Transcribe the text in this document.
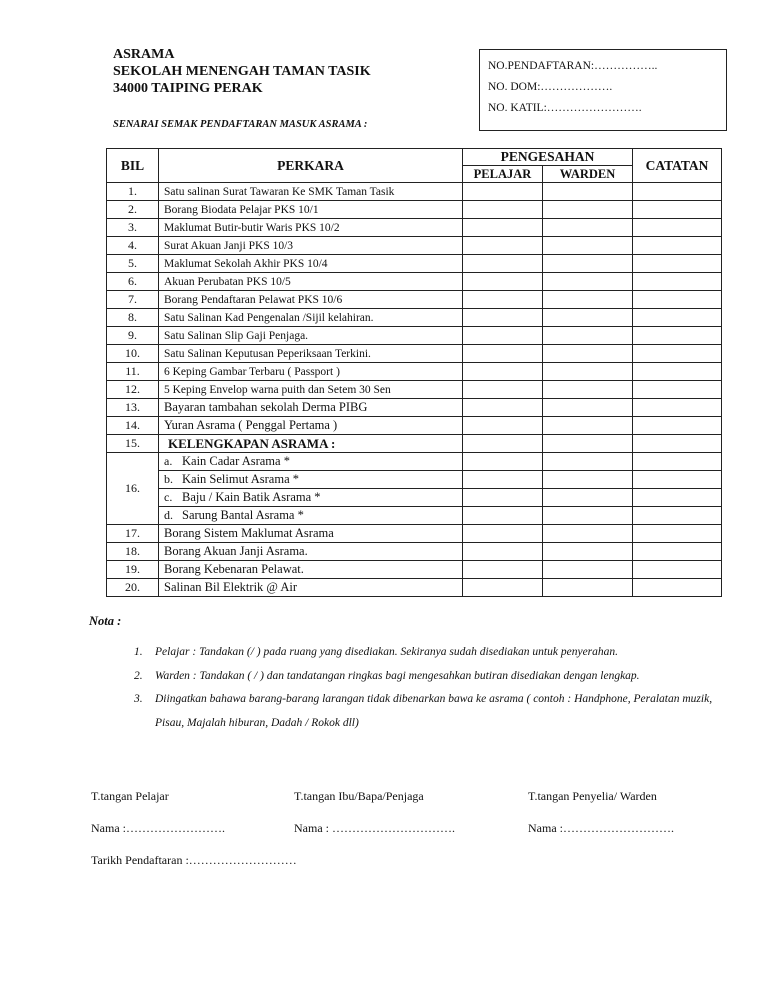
ASRAMA
SEKOLAH MENENGAH TAMAN TASIK
34000 TAIPING PERAK
SENARAI SEMAK PENDAFTARAN MASUK ASRAMA :
NO.PENDAFTARAN:……………..
NO. DOM:……………….
NO. KATIL:…………………….
BIL	PERKARA	PENGESAHAN		CATATAN
		PELAJAR	WARDEN	
1.	Satu salinan Surat Tawaran Ke SMK Taman Tasik			
2.	Borang Biodata Pelajar PKS 10/1			
3.	Maklumat Butir-butir Waris PKS 10/2			
4.	Surat Akuan Janji PKS 10/3			
5.	Maklumat Sekolah Akhir PKS 10/4			
6.	Akuan Perubatan PKS 10/5			
7.	Borang Pendaftaran Pelawat PKS 10/6			
8.	Satu Salinan Kad Pengenalan /Sijil kelahiran.			
9.	Satu Salinan Slip Gaji Penjaga.			
10.	Satu Salinan Keputusan Peperiksaan Terkini.			
11.	6 Keping Gambar Terbaru ( Passport )			
12.	5 Keping Envelop warna puith dan Setem 30 Sen			
13.	Bayaran tambahan sekolah Derma PIBG			
14.	Yuran Asrama ( Penggal Pertama )			
15.	KELENGKAPAN ASRAMA :			
16.	a. Kain Cadar Asrama *			
	b. Kain Selimut Asrama *			
	c. Baju / Kain Batik Asrama *			
	d. Sarung Bantal Asrama *			
17.	Borang Sistem Maklumat Asrama			
18.	Borang Akuan Janji Asrama.			
19.	Borang Kebenaran Pelawat.			
20.	Salinan Bil Elektrik @ Air			
Nota :
1. Pelajar : Tandakan (/ ) pada ruang yang disediakan. Sekiranya sudah disediakan untuk penyerahan.
2. Warden : Tandakan ( / ) dan tandatangan ringkas bagi mengesahkan butiran disediakan dengan lengkap.
3. Diingatkan bahawa barang-barang larangan tidak dibenarkan bawa ke asrama ( contoh : Handphone, Peralatan muzik, Pisau, Majalah hiburan, Dadah / Rokok dll)
T.tangan Pelajar	T.tangan Ibu/Bapa/Penjaga	T.tangan Penyelia/ Warden
Nama :…………………….	Nama : ………………………….	Nama :……………………….
Tarikh Pendaftaran :………………………
